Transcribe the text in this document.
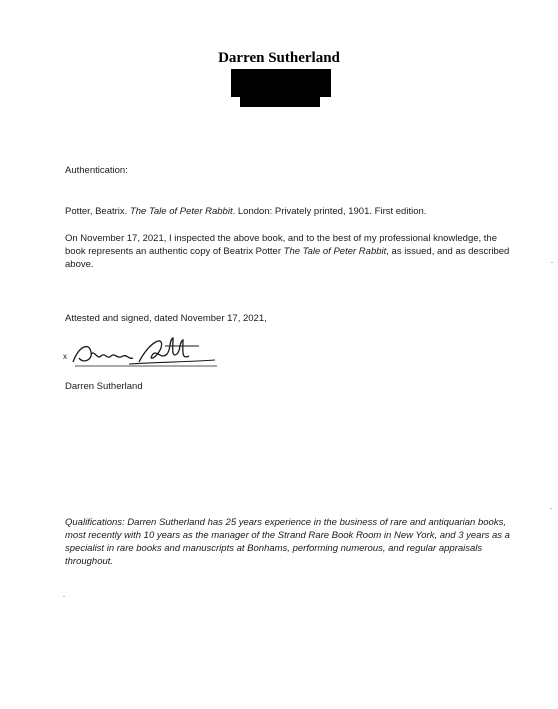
Darren Sutherland
Authentication:
Potter, Beatrix. The Tale of Peter Rabbit. London: Privately printed, 1901. First edition.
On November 17, 2021, I inspected the above book, and to the best of my professional knowledge, the book represents an authentic copy of Beatrix Potter The Tale of Peter Rabbit, as issued, and as described above.
Attested and signed, dated November 17, 2021,
x
Darren Sutherland
Qualifications: Darren Sutherland has 25 years experience in the business of rare and antiquarian books, most recently with 10 years as the manager of the Strand Rare Book Room in New York, and 3 years as a specialist in rare books and manuscripts at Bonhams, performing numerous, and regular appraisals throughout.
